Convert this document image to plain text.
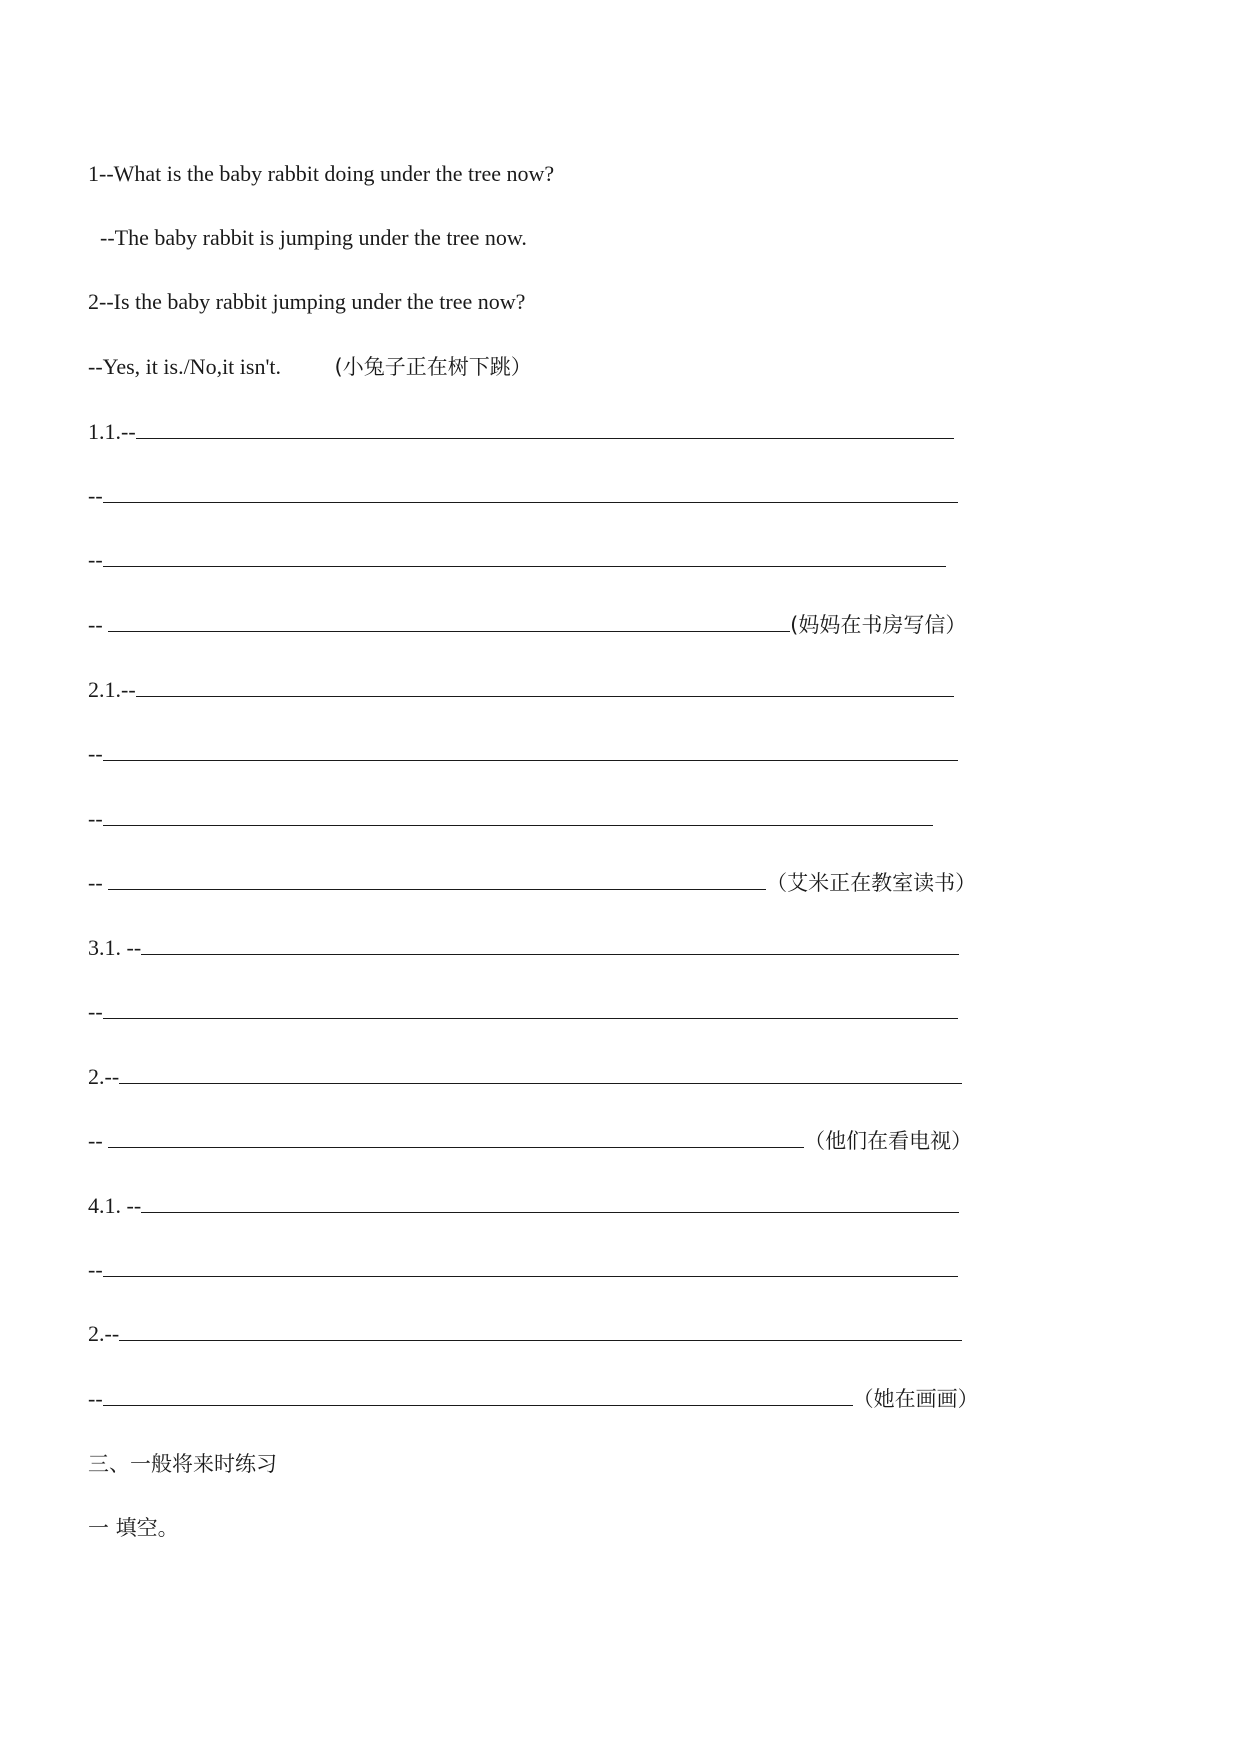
1--What is the baby rabbit doing under the tree now?
--The baby rabbit is jumping under the tree now.
2--Is the baby rabbit jumping under the tree now?
--Yes, it is./No,it isn't.	(小兔子正在树下跳）
1.1.--
--
--
--	(妈妈在书房写信）
2.1.--
--
--
--	（艾米正在教室读书）
3.1. --
--
2.--
--	（他们在看电视）
4.1. --
--
2.--
--	（她在画画）
三、一般将来时练习
一 填空。
